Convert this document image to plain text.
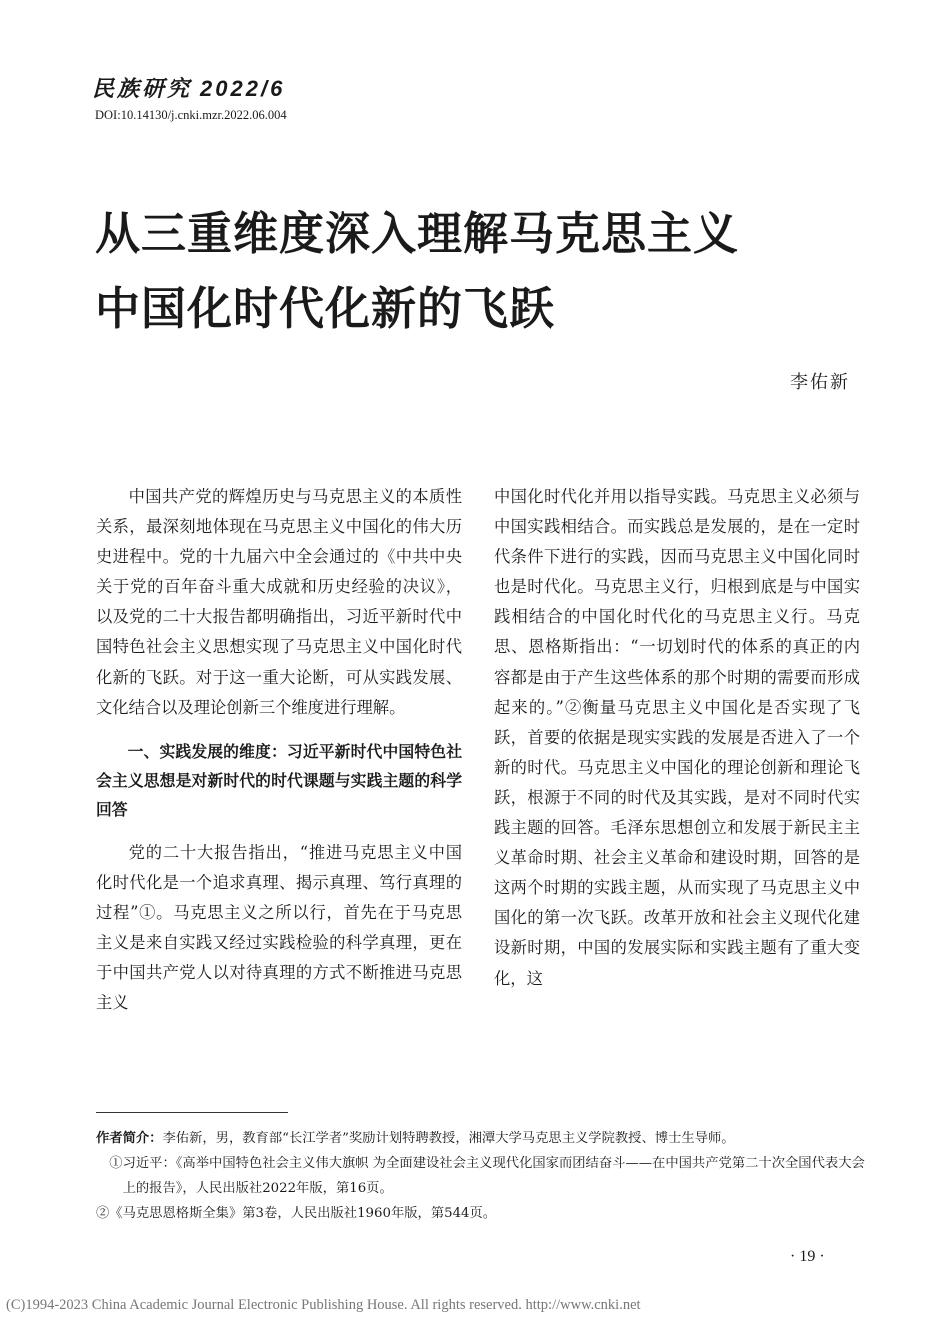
民族研究 2022/6
DOI:10.14130/j.cnki.mzr.2022.06.004
从三重维度深入理解马克思主义
中国化时代化新的飞跃
李佑新

中国共产党的辉煌历史与马克思主义的本质性关系，最深刻地体现在马克思主义中国化的伟大历史进程中。党的十九届六中全会通过的《中共中央关于党的百年奋斗重大成就和历史经验的决议》，以及党的二十大报告都明确指出，习近平新时代中国特色社会主义思想实现了马克思主义中国化时代化新的飞跃。对于这一重大论断，可从实践发展、文化结合以及理论创新三个维度进行理解。

一、实践发展的维度：习近平新时代中国特色社会主义思想是对新时代的时代课题与实践主题的科学回答

党的二十大报告指出，“推进马克思主义中国化时代化是一个追求真理、揭示真理、笃行真理的过程”①。马克思主义之所以行，首先在于马克思主义是来自实践又经过实践检验的科学真理，更在于中国共产党人以对待真理的方式不断推进马克思主义

中国化时代化并用以指导实践。马克思主义必须与中国实践相结合。而实践总是发展的，是在一定时代条件下进行的实践，因而马克思主义中国化同时也是时代化。马克思主义行，归根到底是与中国实践相结合的中国化时代化的马克思主义行。马克思、恩格斯指出：“一切划时代的体系的真正的内容都是由于产生这些体系的那个时期的需要而形成起来的。”②衡量马克思主义中国化是否实现了飞跃，首要的依据是现实实践的发展是否进入了一个新的时代。马克思主义中国化的理论创新和理论飞跃，根源于不同的时代及其实践，是对不同时代实践主题的回答。毛泽东思想创立和发展于新民主主义革命时期、社会主义革命和建设时期，回答的是这两个时期的实践主题，从而实现了马克思主义中国化的第一次飞跃。改革开放和社会主义现代化建设新时期，中国的发展实际和实践主题有了重大变化，这

作者简介：李佑新，男，教育部“长江学者”奖励计划特聘教授，湘潭大学马克思主义学院教授、博士生导师。
①习近平：《高举中国特色社会主义伟大旗帜 为全面建设社会主义现代化国家而团结奋斗——在中国共产党第二十次全国代表大会上的报告》，人民出版社2022年版，第16页。
②《马克思恩格斯全集》第3卷，人民出版社1960年版，第544页。
· 19 ·
(C)1994-2023 China Academic Journal Electronic Publishing House. All rights reserved. http://www.cnki.net
